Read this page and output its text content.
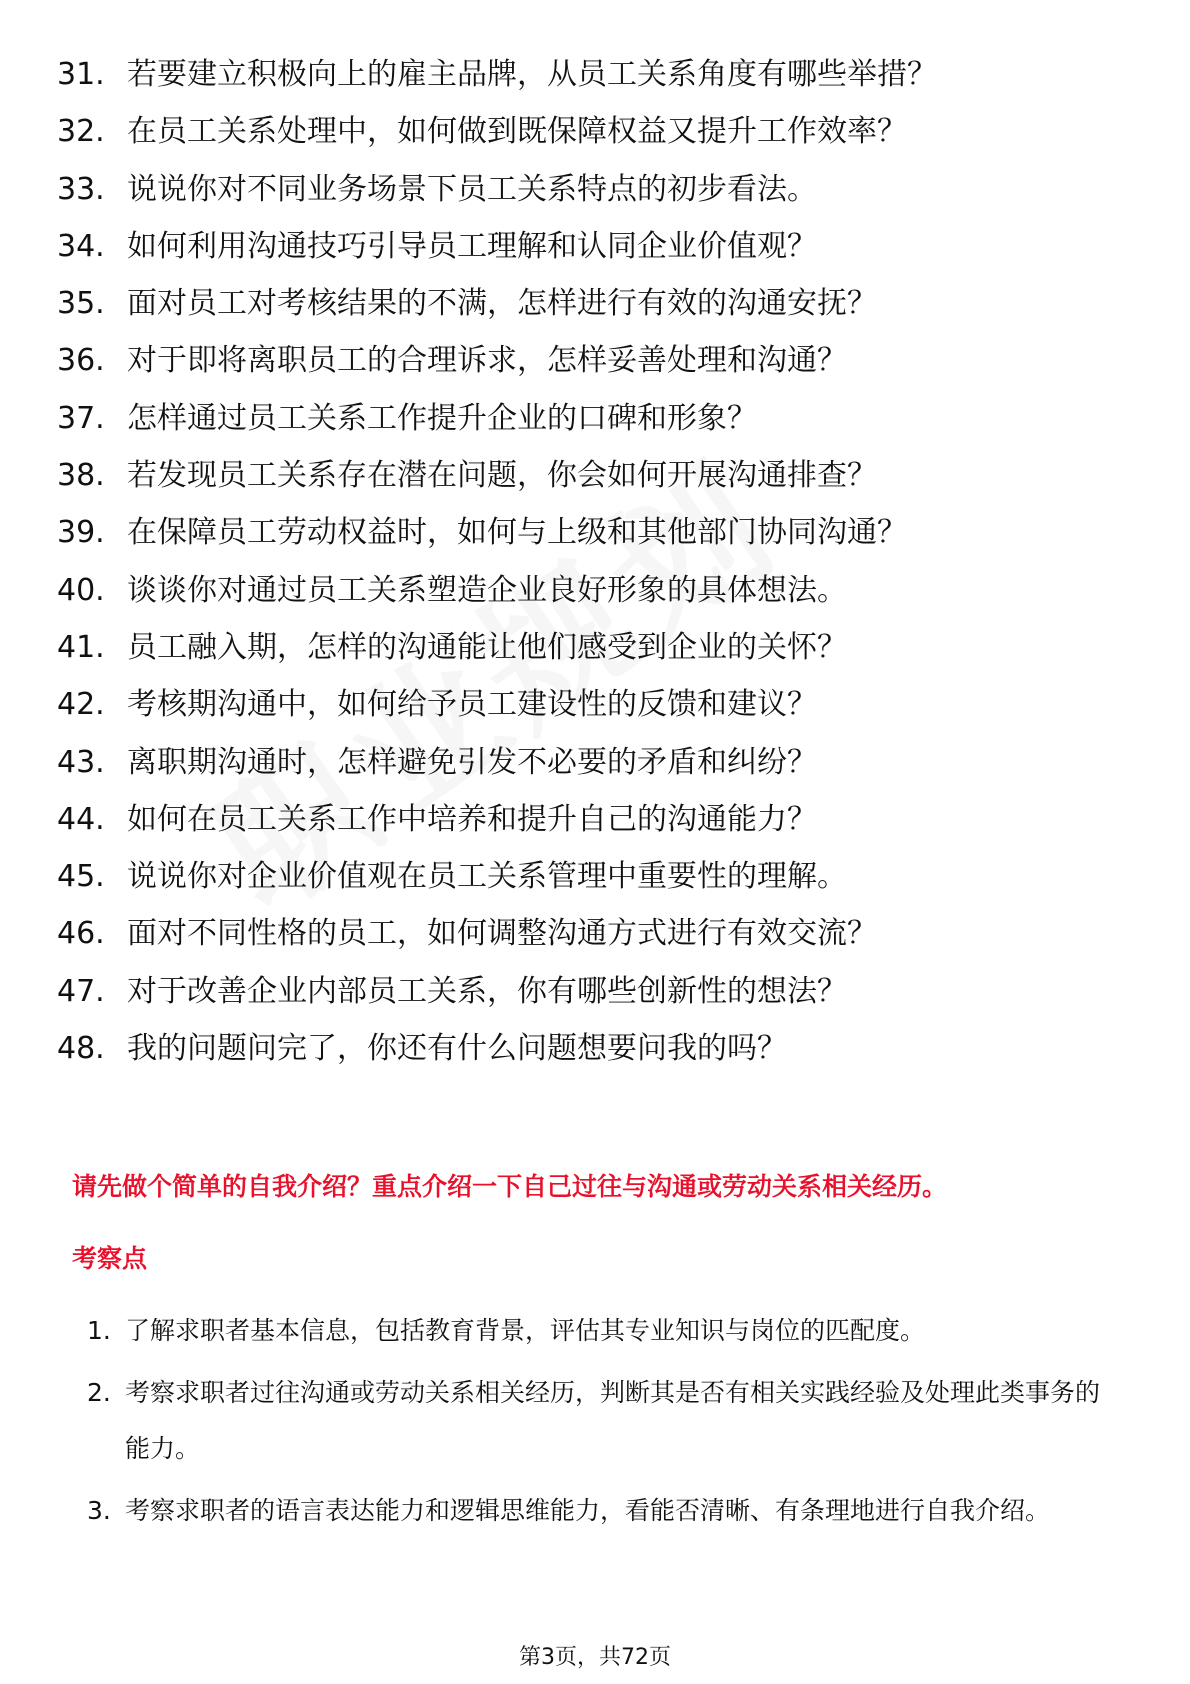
31. 若要建立积极向上的雇主品牌，从员工关系角度有哪些举措？
32. 在员工关系处理中，如何做到既保障权益又提升工作效率？
33. 说说你对不同业务场景下员工关系特点的初步看法。
34. 如何利用沟通技巧引导员工理解和认同企业价值观？
35. 面对员工对考核结果的不满，怎样进行有效的沟通安抚？
36. 对于即将离职员工的合理诉求，怎样妥善处理和沟通？
37. 怎样通过员工关系工作提升企业的口碑和形象？
38. 若发现员工关系存在潜在问题，你会如何开展沟通排查？
39. 在保障员工劳动权益时，如何与上级和其他部门协同沟通？
40. 谈谈你对通过员工关系塑造企业良好形象的具体想法。
41. 员工融入期，怎样的沟通能让他们感受到企业的关怀？
42. 考核期沟通中，如何给予员工建设性的反馈和建议？
43. 离职期沟通时，怎样避免引发不必要的矛盾和纠纷？
44. 如何在员工关系工作中培养和提升自己的沟通能力？
45. 说说你对企业价值观在员工关系管理中重要性的理解。
46. 面对不同性格的员工，如何调整沟通方式进行有效交流？
47. 对于改善企业内部员工关系，你有哪些创新性的想法？
48. 我的问题问完了，你还有什么问题想要问我的吗？
请先做个简单的自我介绍？重点介绍一下自己过往与沟通或劳动关系相关经历。
考察点
1. 了解求职者基本信息，包括教育背景，评估其专业知识与岗位的匹配度。
2. 考察求职者过往沟通或劳动关系相关经历，判断其是否有相关实践经验及处理此类事务的能力。
3. 考察求职者的语言表达能力和逻辑思维能力，看能否清晰、有条理地进行自我介绍。
第3页，共72页
